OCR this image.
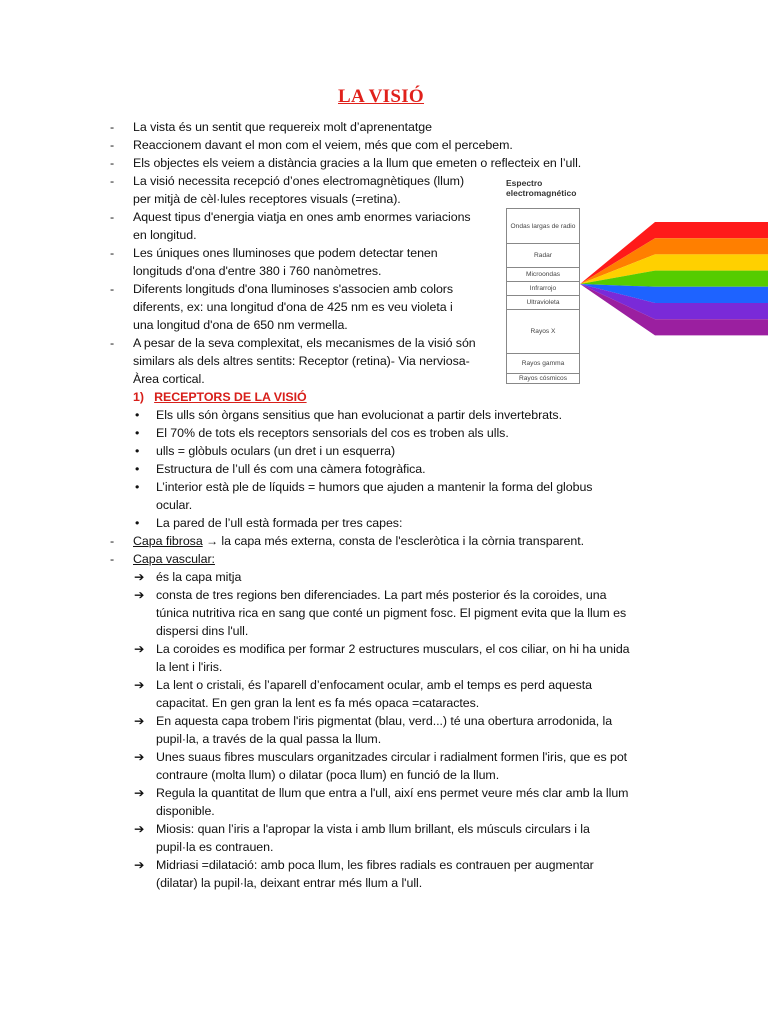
LA VISIÓ
- La vista és un sentit que requereix molt d’aprenentatge
- Reaccionem davant el mon com el veiem, més que com el percebem.
- Els objectes els veiem a distància gracies a la llum que emeten o reflecteix en l’ull.
- La visió necessita recepció d’ones electromagnètiques (llum)
per mitjà de cèl·lules receptores visuals (=retina).
- Aquest tipus d'energia viatja en ones amb enormes variacions
en longitud.
- Les úniques ones lluminoses que podem detectar tenen
longituds d'ona d'entre 380 i 760 nanòmetres.
- Diferents longituds d'ona lluminoses s'associen amb colors
diferents, ex: una longitud d'ona de 425 nm es veu violeta i
una longitud d'ona de 650 nm vermella.
- A pesar de la seva complexitat, els mecanismes de la visió són
similars als dels altres sentits: Receptor (retina)- Via nerviosa-
Àrea cortical.
1) RECEPTORS DE LA VISIÓ
• Els ulls són òrgans sensitius que han evolucionat a partir dels invertebrats.
• El 70% de tots els receptors sensorials del cos es troben als ulls.
• ulls = glòbuls oculars (un dret i un esquerra)
• Estructura de l’ull és com una càmera fotogràfica.
• L’interior està ple de líquids = humors que ajuden a mantenir la forma del globus
ocular.
• La pared de l’ull està formada per tres capes:
- Capa fibrosa → la capa més externa, consta de l'escleròtica i la còrnia transparent.
- Capa vascular:
➔ és la capa mitja
➔ consta de tres regions ben diferenciades. La part més posterior és la coroides, una
túnica nutritiva rica en sang que conté un pigment fosc. El pigment evita que la llum es
dispersi dins l'ull.
➔ La coroides es modifica per formar 2 estructures musculars, el cos ciliar, on hi ha unida
la lent i l'iris.
➔ La lent o cristali, és l’aparell d’enfocament ocular, amb el temps es perd aquesta
capacitat. En gen gran la lent es fa més opaca =cataractes.
➔ En aquesta capa trobem l'iris pigmentat (blau, verd...) té una obertura arrodonida, la
pupil·la, a través de la qual passa la llum.
➔ Unes suaus fibres musculars organitzades circular i radialment formen l'iris, que es pot
contraure (molta llum) o dilatar (poca llum) en funció de la llum.
➔ Regula la quantitat de llum que entra a l'ull, així ens permet veure més clar amb la llum
disponible.
➔ Miosis: quan l’iris a l'apropar la vista i amb llum brillant, els músculs circulars i la
pupil·la es contrauen.
➔ Midriasi =dilatació: amb poca llum, les fibres radials es contrauen per augmentar
(dilatar) la pupil·la, deixant entrar més llum a l'ull.
Espectro
electromagnético
Ondas largas de radio
Radar
Microondas
Infrarrojo
Ultravioleta
Rayos X
Rayos gamma
Rayos cósmicos
